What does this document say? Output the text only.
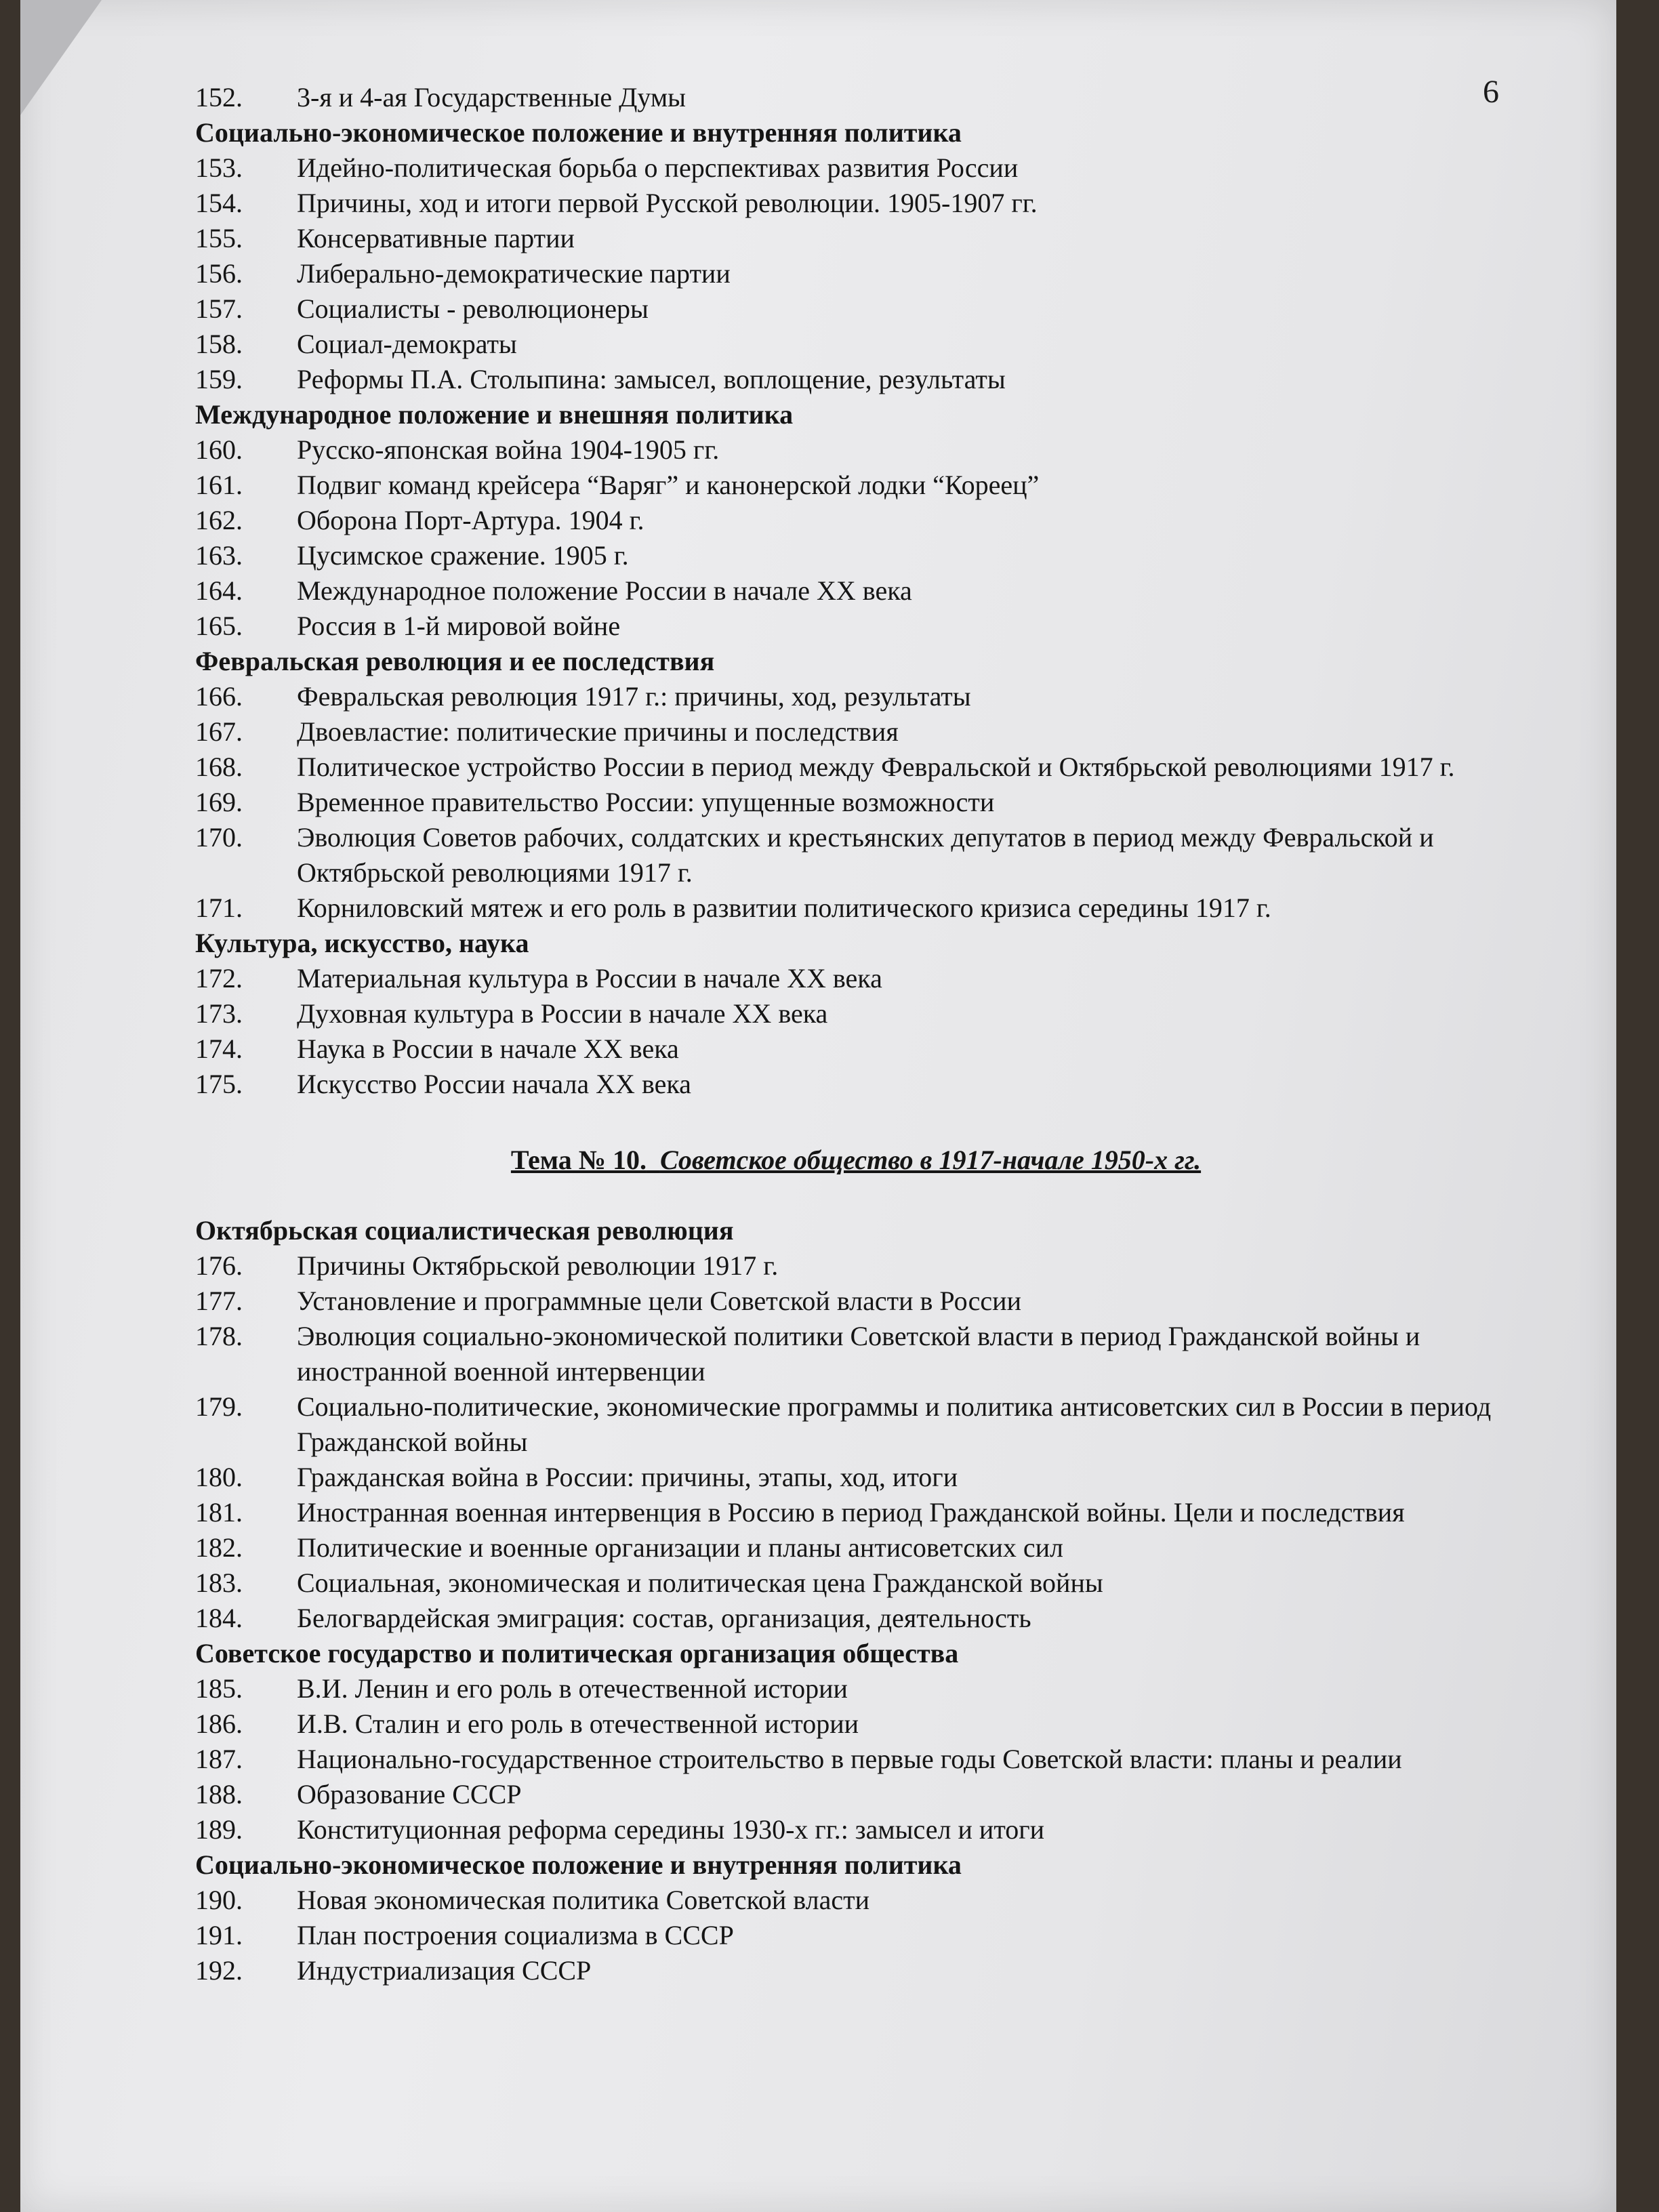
6
152.	3-я и 4-ая Государственные Думы
Социально-экономическое положение и внутренняя политика
153.	Идейно-политическая борьба о перспективах развития России
154.	Причины, ход и итоги первой Русской революции. 1905-1907 гг.
155.	Консервативные партии
156.	Либерально-демократические партии
157.	Социалисты - революционеры
158.	Социал-демократы
159.	Реформы П.А. Столыпина: замысел, воплощение, результаты
Международное положение и внешняя политика
160.	Русско-японская война 1904-1905 гг.
161.	Подвиг команд крейсера “Варяг” и канонерской лодки “Кореец”
162.	Оборона Порт-Артура. 1904 г.
163.	Цусимское сражение. 1905 г.
164.	Международное положение России в начале XX века
165.	Россия в 1-й мировой войне
Февральская революция и ее последствия
166.	Февральская революция 1917 г.: причины, ход, результаты
167.	Двоевластие: политические причины и последствия
168.	Политическое устройство России в период между Февральской и Октябрьской революциями 1917 г.
169.	Временное правительство России: упущенные возможности
170.	Эволюция Советов рабочих, солдатских и крестьянских депутатов в период между Февральской и Октябрьской революциями 1917 г.
171.	Корниловский мятеж и его роль в развитии политического кризиса середины 1917 г.
Культура, искусство, наука
172.	Материальная культура в России в начале XX века
173.	Духовная культура в России в начале XX века
174.	Наука в России в начале XX века
175.	Искусство России начала XX века
Тема № 10. Советское общество в 1917-начале 1950-х гг.
Октябрьская социалистическая революция
176.	Причины Октябрьской революции 1917 г.
177.	Установление и программные цели Советской власти в России
178.	Эволюция социально-экономической политики Советской власти в период Гражданской войны и иностранной военной интервенции
179.	Социально-политические, экономические программы и политика антисоветских сил в России в период Гражданской войны
180.	Гражданская война в России: причины, этапы, ход, итоги
181.	Иностранная военная интервенция в Россию в период Гражданской войны. Цели и последствия
182.	Политические и военные организации и планы антисоветских сил
183.	Социальная, экономическая и политическая цена Гражданской войны
184.	Белогвардейская эмиграция: состав, организация, деятельность
Советское государство и политическая организация общества
185.	В.И. Ленин и его роль в отечественной истории
186.	И.В. Сталин и его роль в отечественной истории
187.	Национально-государственное строительство в первые годы Советской власти: планы и реалии
188.	Образование СССР
189.	Конституционная реформа середины 1930-х гг.: замысел и итоги
Социально-экономическое положение и внутренняя политика
190.	Новая экономическая политика Советской власти
191.	План построения социализма в СССР
192.	Индустриализация СССР
